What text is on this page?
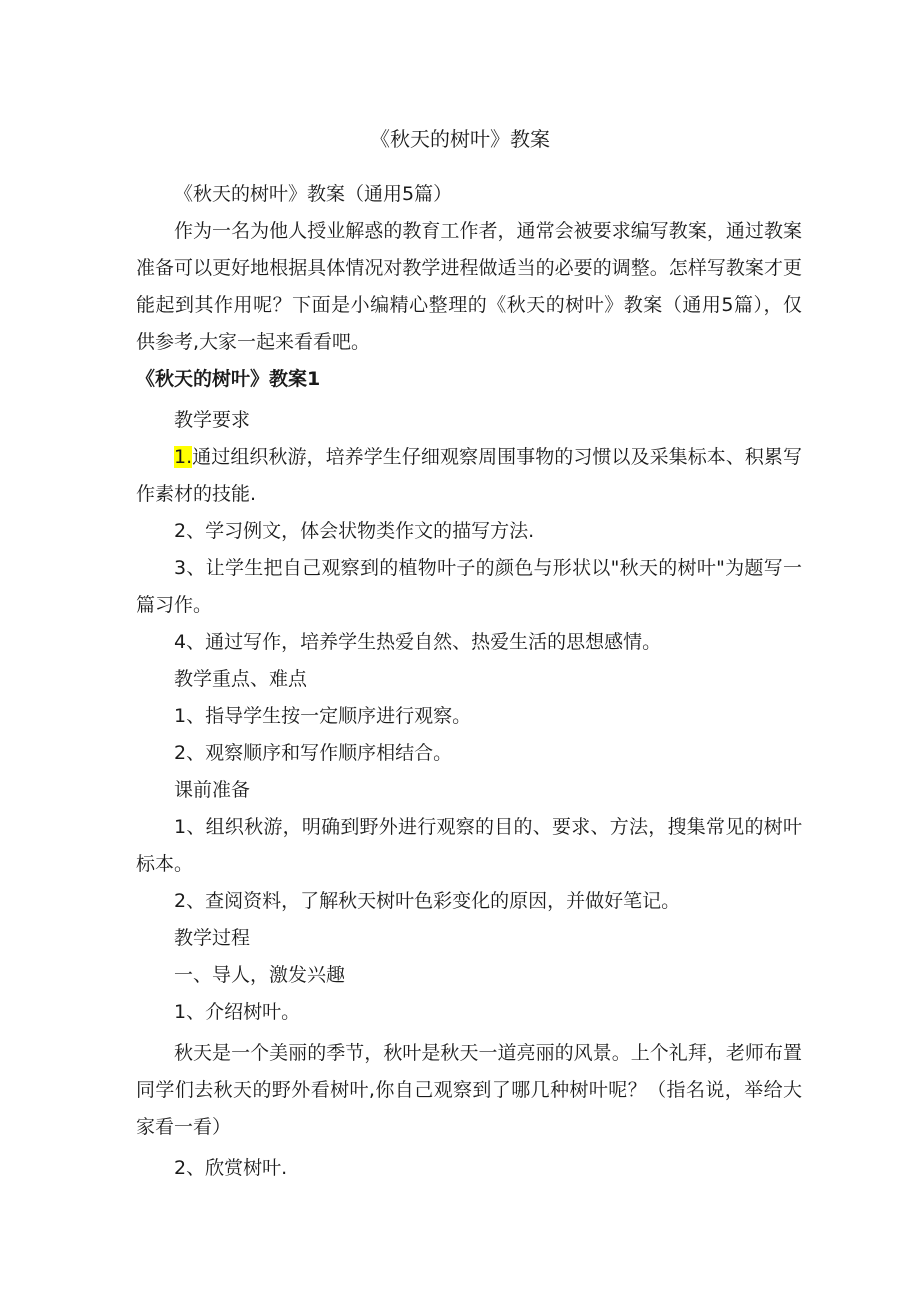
《秋天的树叶》教案

《秋天的树叶》教案（通用5篇）

作为一名为他人授业解惑的教育工作者，通常会被要求编写教案，通过教案准备可以更好地根据具体情况对教学进程做适当的必要的调整。怎样写教案才更能起到其作用呢？下面是小编精心整理的《秋天的树叶》教案（通用5篇），仅供参考,大家一起来看看吧。

《秋天的树叶》教案1

教学要求

1.通过组织秋游，培养学生仔细观察周围事物的习惯以及采集标本、积累写作素材的技能.

2、学习例文，体会状物类作文的描写方法.

3、让学生把自己观察到的植物叶子的颜色与形状以"秋天的树叶"为题写一篇习作。

4、通过写作，培养学生热爱自然、热爱生活的思想感情。

教学重点、难点

1、指导学生按一定顺序进行观察。

2、观察顺序和写作顺序相结合。

课前准备

1、组织秋游，明确到野外进行观察的目的、要求、方法，搜集常见的树叶标本。

2、查阅资料，了解秋天树叶色彩变化的原因，并做好笔记。

教学过程

一、导人，激发兴趣

1、介绍树叶。

秋天是一个美丽的季节，秋叶是秋天一道亮丽的风景。上个礼拜，老师布置同学们去秋天的野外看树叶,你自己观察到了哪几种树叶呢？（指名说，举给大家看一看）

2、欣赏树叶.
